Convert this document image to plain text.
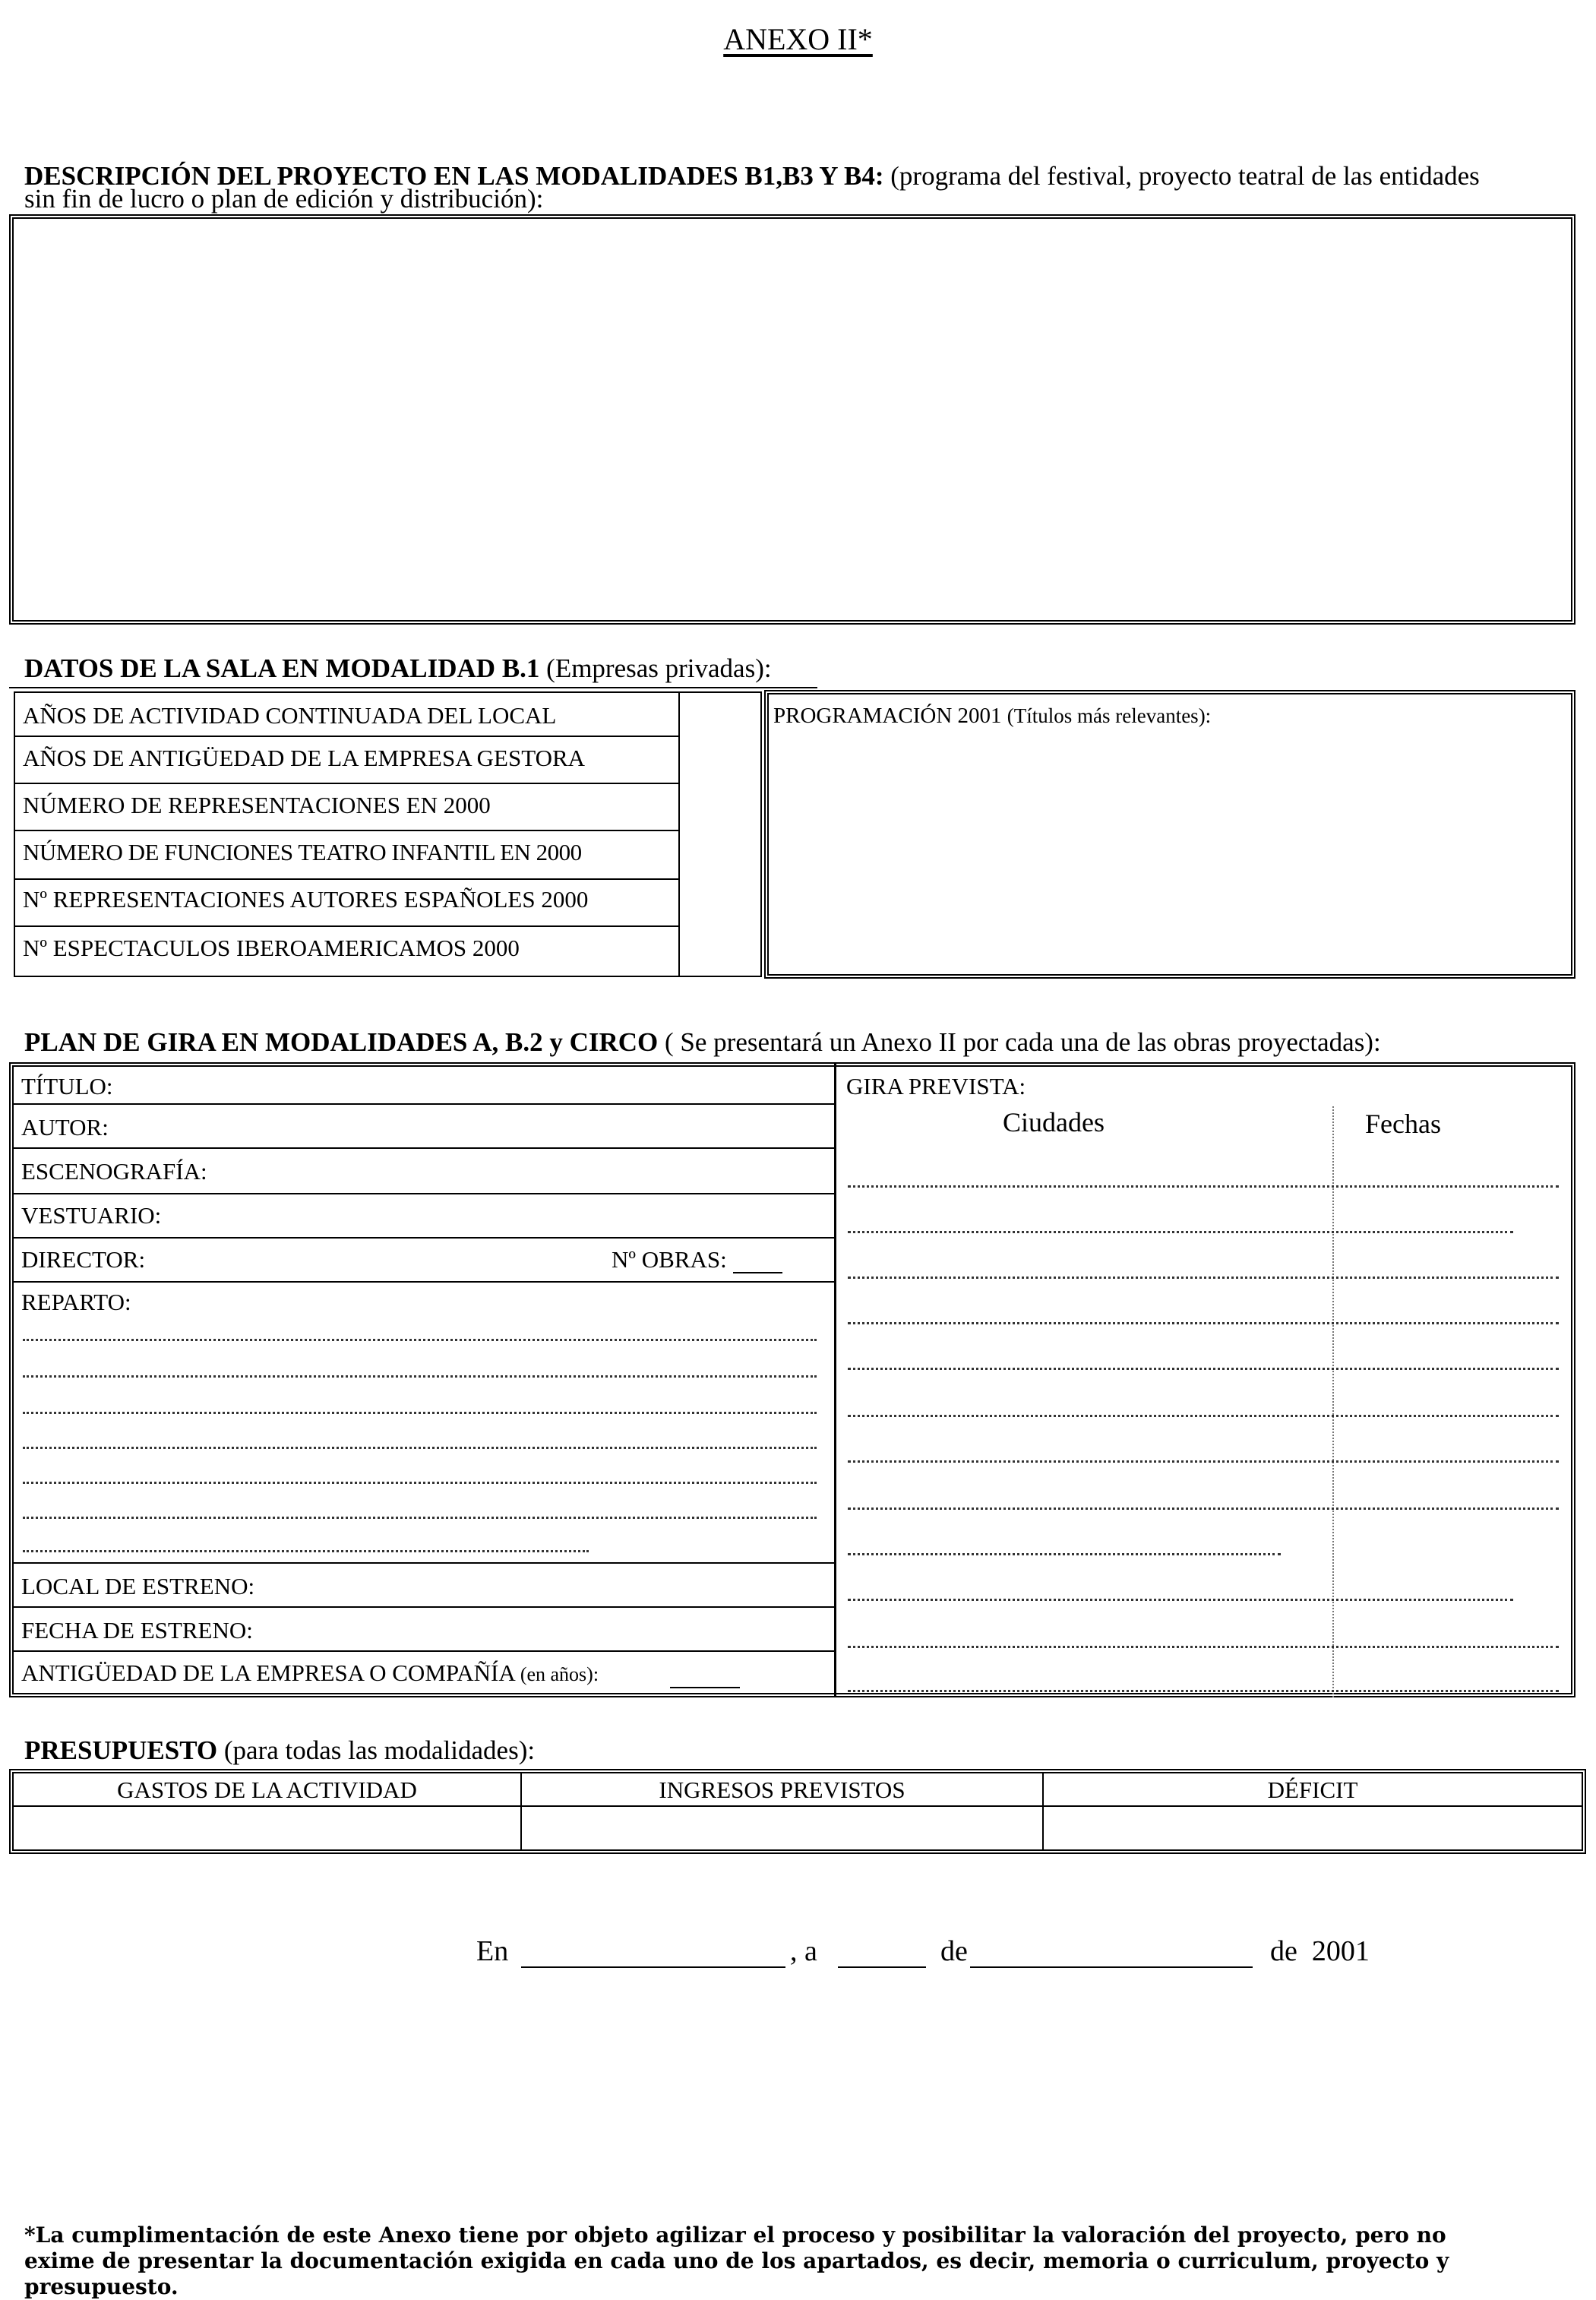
ANEXO II*
DESCRIPCIÓN DEL PROYECTO EN LAS MODALIDADES B1,B3 Y B4: (programa del festival, proyecto teatral de las entidades
sin fin de lucro o plan de edición y distribución):
DATOS DE LA SALA EN MODALIDAD B.1 (Empresas privadas):
AÑOS DE ACTIVIDAD CONTINUADA DEL LOCAL
AÑOS DE ANTIGÜEDAD DE LA EMPRESA GESTORA
NÚMERO DE REPRESENTACIONES EN 2000
NÚMERO DE FUNCIONES TEATRO INFANTIL EN 2000
Nº REPRESENTACIONES AUTORES ESPAÑOLES 2000
Nº ESPECTACULOS IBEROAMERICAMOS 2000
PROGRAMACIÓN 2001 (Títulos más relevantes):
PLAN DE GIRA EN MODALIDADES A, B.2 y CIRCO ( Se presentará un Anexo II por cada una de las obras proyectadas):
TÍTULO:
AUTOR:
ESCENOGRAFÍA:
VESTUARIO:
DIRECTOR:	Nº OBRAS:
REPARTO:
LOCAL DE ESTRENO:
FECHA DE ESTRENO:
ANTIGÜEDAD DE LA EMPRESA O COMPAÑÍA (en años):
GIRA PREVISTA:
Ciudades	Fechas
PRESUPUESTO (para todas las modalidades):
GASTOS DE LA ACTIVIDAD	INGRESOS PREVISTOS	DÉFICIT
En	, a	de	de  2001
*La cumplimentación de este Anexo tiene por objeto agilizar el proceso y posibilitar la valoración del proyecto, pero no exime de presentar la documentación exigida en cada uno de los apartados, es decir, memoria o curriculum, proyecto y presupuesto.
